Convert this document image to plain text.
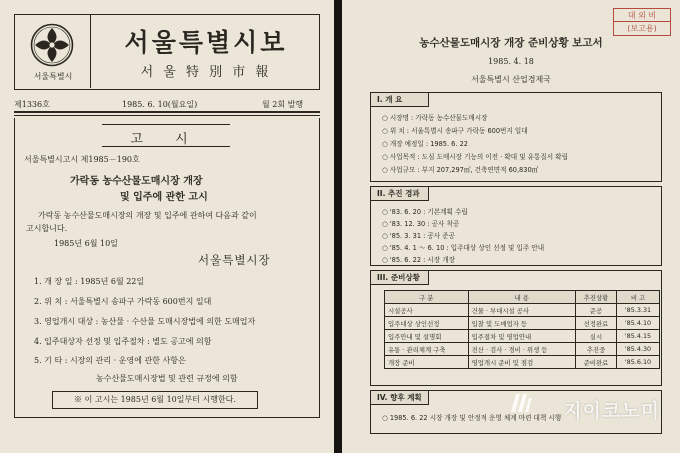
서울특별시
서울특별시보
서 울 特 別 市 報
제1336호	1985. 6. 10(월요일)	월 2회 발행
고 시
서울특별시고시 제1985－190호
가락동 농수산물도매시장 개장
및 입주에 관한 고시
가락동 농수산물도매시장의 개장 및 입주에 관하여 다음과 같이
고시합니다.
1985년 6월 10일
서울특별시장
1. 개 장 일 : 1985년 6월 22일
2. 위 치 : 서울특별시 송파구 가락동 600번지 일대
3. 영업개시 대상 : 농산물 · 수산물 도매시장법에 의한 도매업자
4. 입주대상자 선정 및 입주절차 : 별도 공고에 의함
5. 기 타 : 시장의 관리 · 운영에 관한 사항은
농수산물도매시장법 및 관련 규정에 의함
※ 이 고시는 1985년 6월 10일부터 시행한다.
대 외 비
(보고용)
농수산물도매시장 개장 준비상황 보고서
1985. 4. 18
서울특별시 산업경제국
I. 개 요
○ 시장명 : 가락동 농수산물도매시장
○ 위 치 : 서울특별시 송파구 가락동 600번지 일대
○ 개장 예정일 : 1985. 6. 22
○ 사업목적 : 도심 도매시장 기능의 이전 · 확대 및 유통질서 확립
○ 사업규모 : 부지 207,297㎡, 건축연면적 60,830㎡
II. 추진 경과
○ '83. 6. 20 : 기본계획 수립
○ '83. 12. 30 : 공사 착공
○ '85. 3. 31 : 공사 준공
○ '85. 4. 1 ～ 6. 10 : 입주대상 상인 선정 및 입주 안내
○ '85. 6. 22 : 시장 개장
III. 준비상황
구 분	내 용	추진상황	비 고
시설공사	건물 · 부대시설 공사	준공	'85.3.31
입주대상 상인선정	입찰 및 도매업자 등	선정완료	'85.4.10
입주안내 및 설명회	입주절차 및 영업안내	실시	'85.4.15
유통 · 관리체계 구축	전산 · 검사 · 경비 · 위생 등	추진중	'85.4.30
개장 준비	영업개시 준비 및 점검	준비완료	'85.6.10
IV. 향후 계획
○ 1985. 6. 22 시장 개장 및 안정적 운영 체계 마련 대책 시행 지이코노미
